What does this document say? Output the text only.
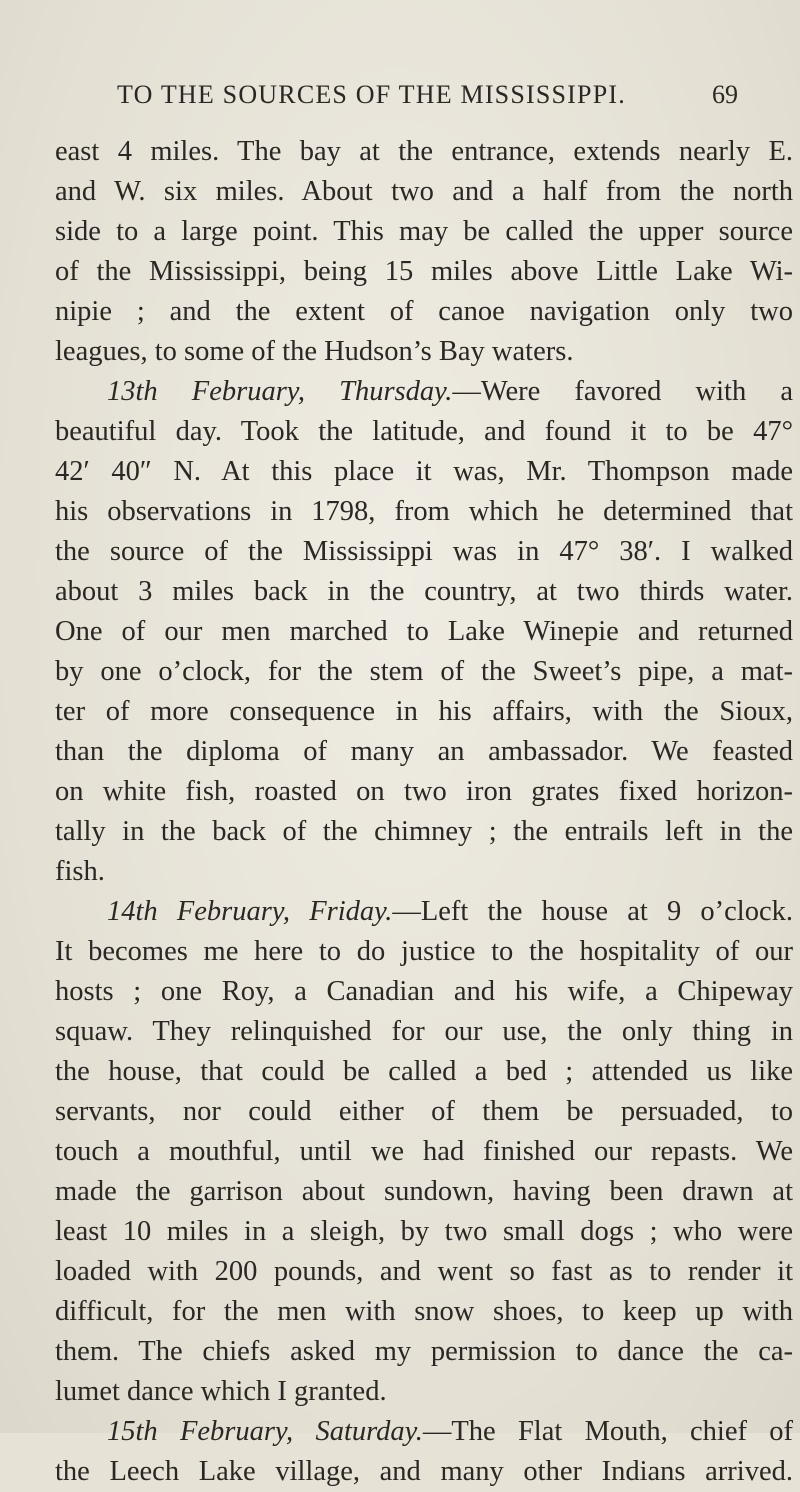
TO THE SOURCES OF THE MISSISSIPPI.	69
east 4 miles. The bay at the entrance, extends nearly E.
and W. six miles. About two and a half from the north
side to a large point. This may be called the upper source
of the Mississippi, being 15 miles above Little Lake Wi-
nipie ; and the extent of canoe navigation only two
leagues, to some of the Hudson’s Bay waters.
13th February, Thursday.—Were favored with a
beautiful day. Took the latitude, and found it to be 47°
42′ 40″ N. At this place it was, Mr. Thompson made
his observations in 1798, from which he determined that
the source of the Mississippi was in 47° 38′. I walked
about 3 miles back in the country, at two thirds water.
One of our men marched to Lake Winepie and returned
by one o’clock, for the stem of the Sweet’s pipe, a mat-
ter of more consequence in his affairs, with the Sioux,
than the diploma of many an ambassador. We feasted
on white fish, roasted on two iron grates fixed horizon-
tally in the back of the chimney ; the entrails left in the
fish.
14th February, Friday.—Left the house at 9 o’clock.
It becomes me here to do justice to the hospitality of our
hosts ; one Roy, a Canadian and his wife, a Chipeway
squaw. They relinquished for our use, the only thing in
the house, that could be called a bed ; attended us like
servants, nor could either of them be persuaded, to
touch a mouthful, until we had finished our repasts. We
made the garrison about sundown, having been drawn at
least 10 miles in a sleigh, by two small dogs ; who were
loaded with 200 pounds, and went so fast as to render it
difficult, for the men with snow shoes, to keep up with
them. The chiefs asked my permission to dance the ca-
lumet dance which I granted.
15th February, Saturday.—The Flat Mouth, chief of
the Leech Lake village, and many other Indians arrived.
